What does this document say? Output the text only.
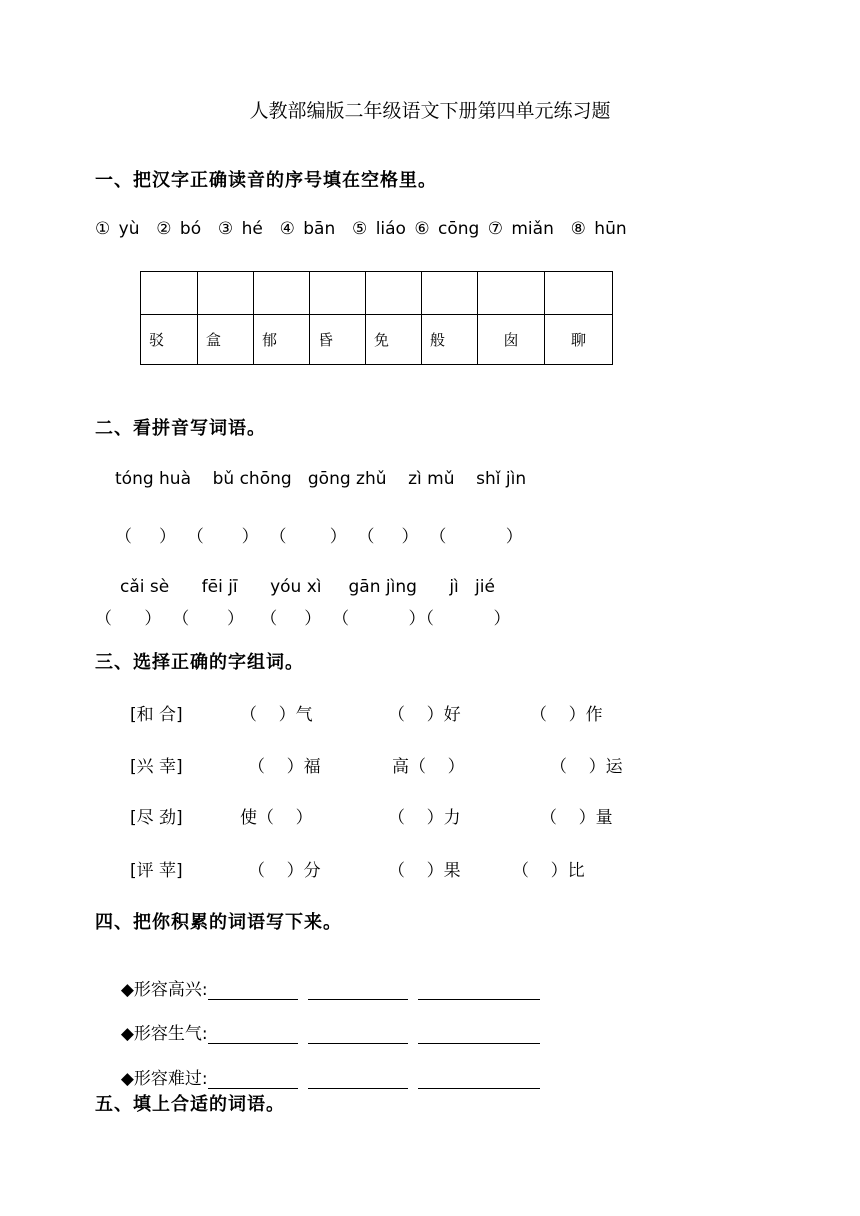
人教部编版二年级语文下册第四单元练习题
一、把汉字正确读音的序号填在空格里。
① yù  ② bó  ③ hé  ④ bān  ⑤ liáo ⑥ cōng ⑦ miǎn  ⑧ hūn

驳	盒	郁	昏	免	般	囱	聊
二、看拼音写词语。
tóng huà    bǔ chōng   gōng zhǔ    zì mǔ    shǐ jìn
（     ）  （       ）  （        ）  （     ）  （           ）
cǎi sè      fēi jī      yóu xì     gān jìng      jì   jié
（      ）  （       ）   （     ）  （           ）（           ）
三、选择正确的字组词。
[和 合]	（    ）气	（    ）好	（    ）作
[兴 幸]	（    ）福	高（    ）	（    ）运
[尽 劲]	使（    ）	（    ）力	（    ）量
[评 苹]	（    ）分	（    ）果	（    ）比
四、把你积累的词语写下来。

◆形容高兴:

◆形容生气:

◆形容难过:

五、填上合适的词语。
